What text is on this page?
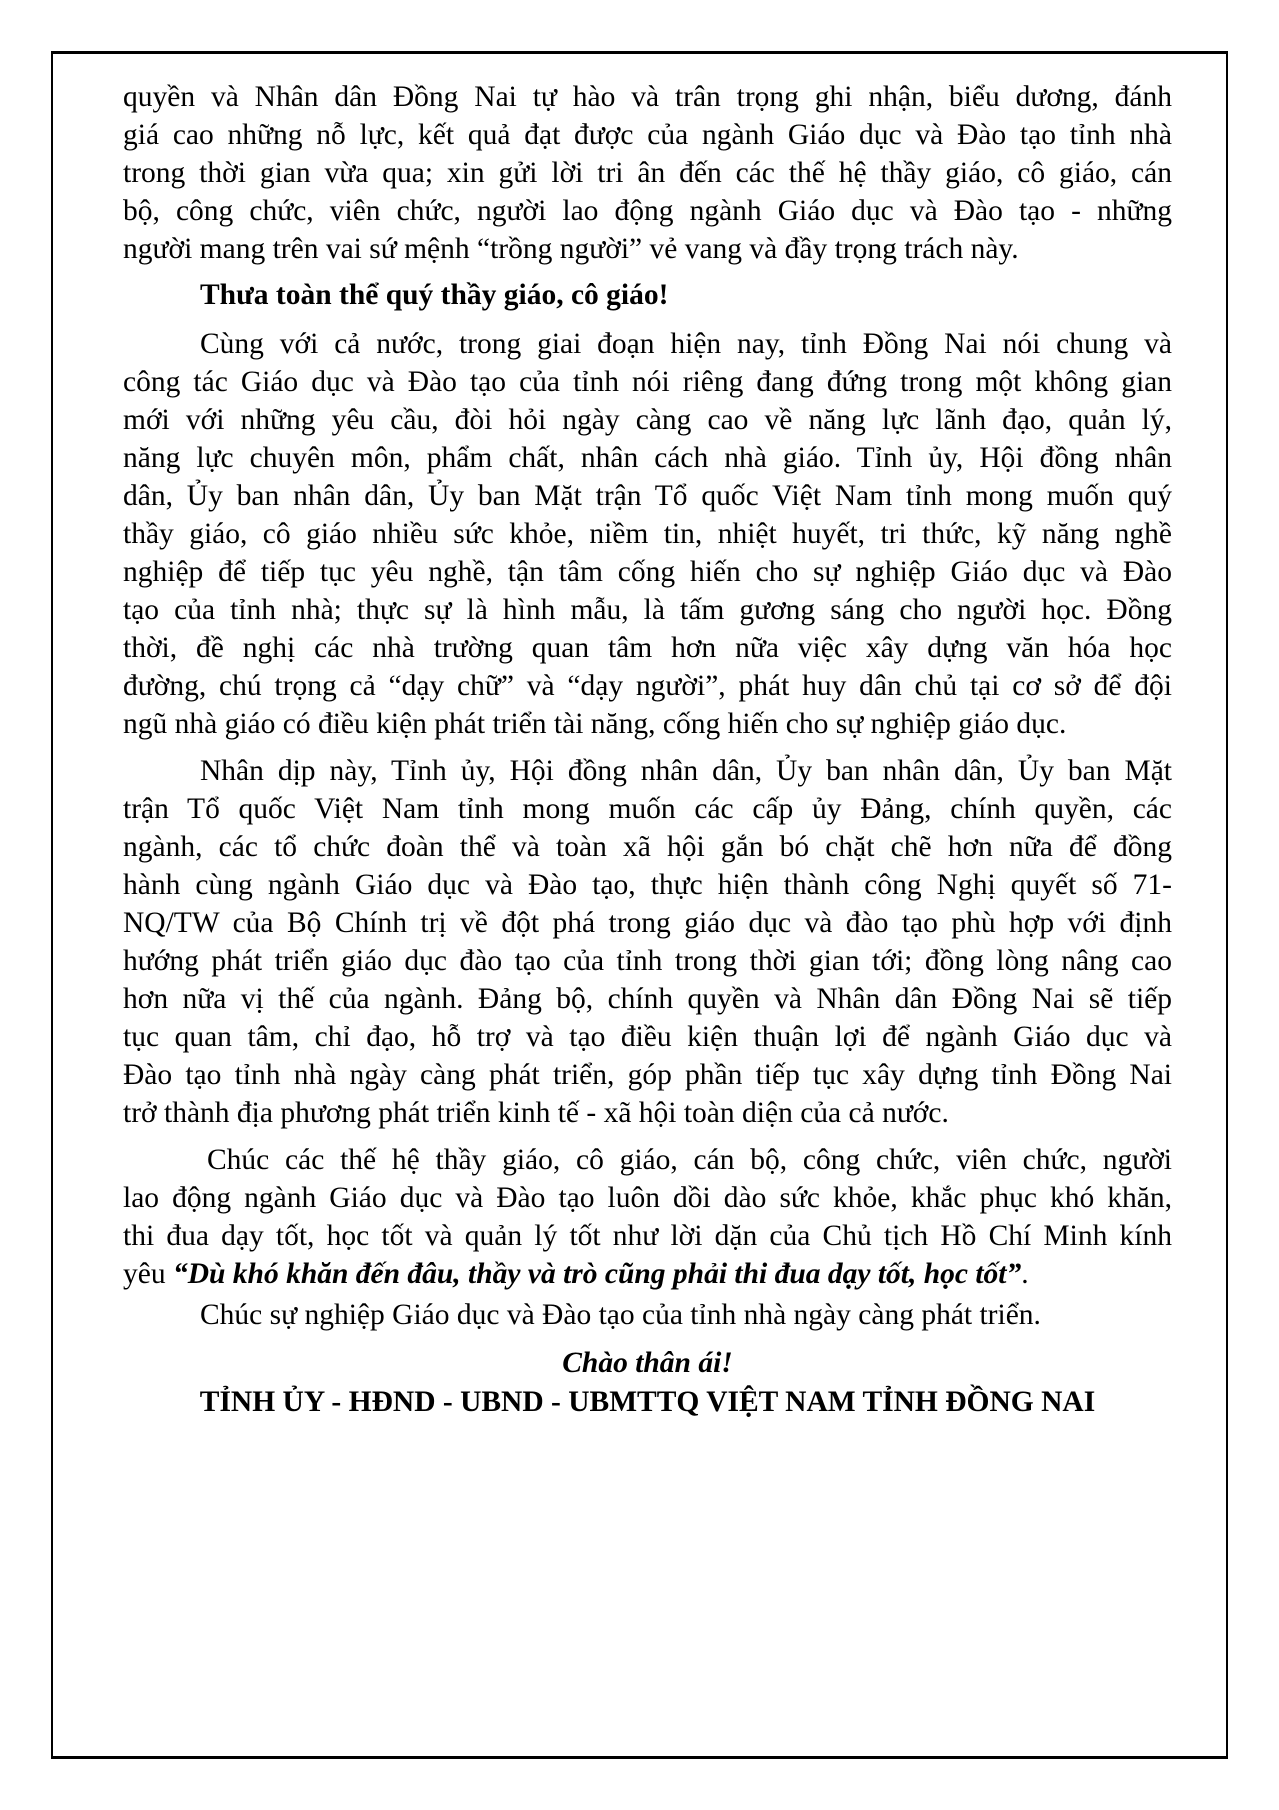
quyền và Nhân dân Đồng Nai tự hào và trân trọng ghi nhận, biểu dương, đánh
giá cao những nỗ lực, kết quả đạt được của ngành Giáo dục và Đào tạo tỉnh nhà
trong thời gian vừa qua; xin gửi lời tri ân đến các thế hệ thầy giáo, cô giáo, cán
bộ, công chức, viên chức, người lao động ngành Giáo dục và Đào tạo - những
người mang trên vai sứ mệnh “trồng người” vẻ vang và đầy trọng trách này.
Thưa toàn thể quý thầy giáo, cô giáo!
Cùng với cả nước, trong giai đoạn hiện nay, tỉnh Đồng Nai nói chung và
công tác Giáo dục và Đào tạo của tỉnh nói riêng đang đứng trong một không gian
mới với những yêu cầu, đòi hỏi ngày càng cao về năng lực lãnh đạo, quản lý,
năng lực chuyên môn, phẩm chất, nhân cách nhà giáo. Tỉnh ủy, Hội đồng nhân
dân, Ủy ban nhân dân, Ủy ban Mặt trận Tổ quốc Việt Nam tỉnh mong muốn quý
thầy giáo, cô giáo nhiều sức khỏe, niềm tin, nhiệt huyết, tri thức, kỹ năng nghề
nghiệp để tiếp tục yêu nghề, tận tâm cống hiến cho sự nghiệp Giáo dục và Đào
tạo của tỉnh nhà; thực sự là hình mẫu, là tấm gương sáng cho người học. Đồng
thời, đề nghị các nhà trường quan tâm hơn nữa việc xây dựng văn hóa học
đường, chú trọng cả “dạy chữ” và “dạy người”, phát huy dân chủ tại cơ sở để đội
ngũ nhà giáo có điều kiện phát triển tài năng, cống hiến cho sự nghiệp giáo dục.
Nhân dịp này, Tỉnh ủy, Hội đồng nhân dân, Ủy ban nhân dân, Ủy ban Mặt
trận Tổ quốc Việt Nam tỉnh mong muốn các cấp ủy Đảng, chính quyền, các
ngành, các tổ chức đoàn thể và toàn xã hội gắn bó chặt chẽ hơn nữa để đồng
hành cùng ngành Giáo dục và Đào tạo, thực hiện thành công Nghị quyết số 71-
NQ/TW của Bộ Chính trị về đột phá trong giáo dục và đào tạo phù hợp với định
hướng phát triển giáo dục đào tạo của tỉnh trong thời gian tới; đồng lòng nâng cao
hơn nữa vị thế của ngành. Đảng bộ, chính quyền và Nhân dân Đồng Nai sẽ tiếp
tục quan tâm, chỉ đạo, hỗ trợ và tạo điều kiện thuận lợi để ngành Giáo dục và
Đào tạo tỉnh nhà ngày càng phát triển, góp phần tiếp tục xây dựng tỉnh Đồng Nai
trở thành địa phương phát triển kinh tế - xã hội toàn diện của cả nước.
Chúc các thế hệ thầy giáo, cô giáo, cán bộ, công chức, viên chức, người
lao động ngành Giáo dục và Đào tạo luôn dồi dào sức khỏe, khắc phục khó khăn,
thi đua dạy tốt, học tốt và quản lý tốt như lời dặn của Chủ tịch Hồ Chí Minh kính
yêu “Dù khó khăn đến đâu, thầy và trò cũng phải thi đua dạy tốt, học tốt”.
Chúc sự nghiệp Giáo dục và Đào tạo của tỉnh nhà ngày càng phát triển.
Chào thân ái!
TỈNH ỦY - HĐND - UBND - UBMTTQ VIỆT NAM TỈNH ĐỒNG NAI
